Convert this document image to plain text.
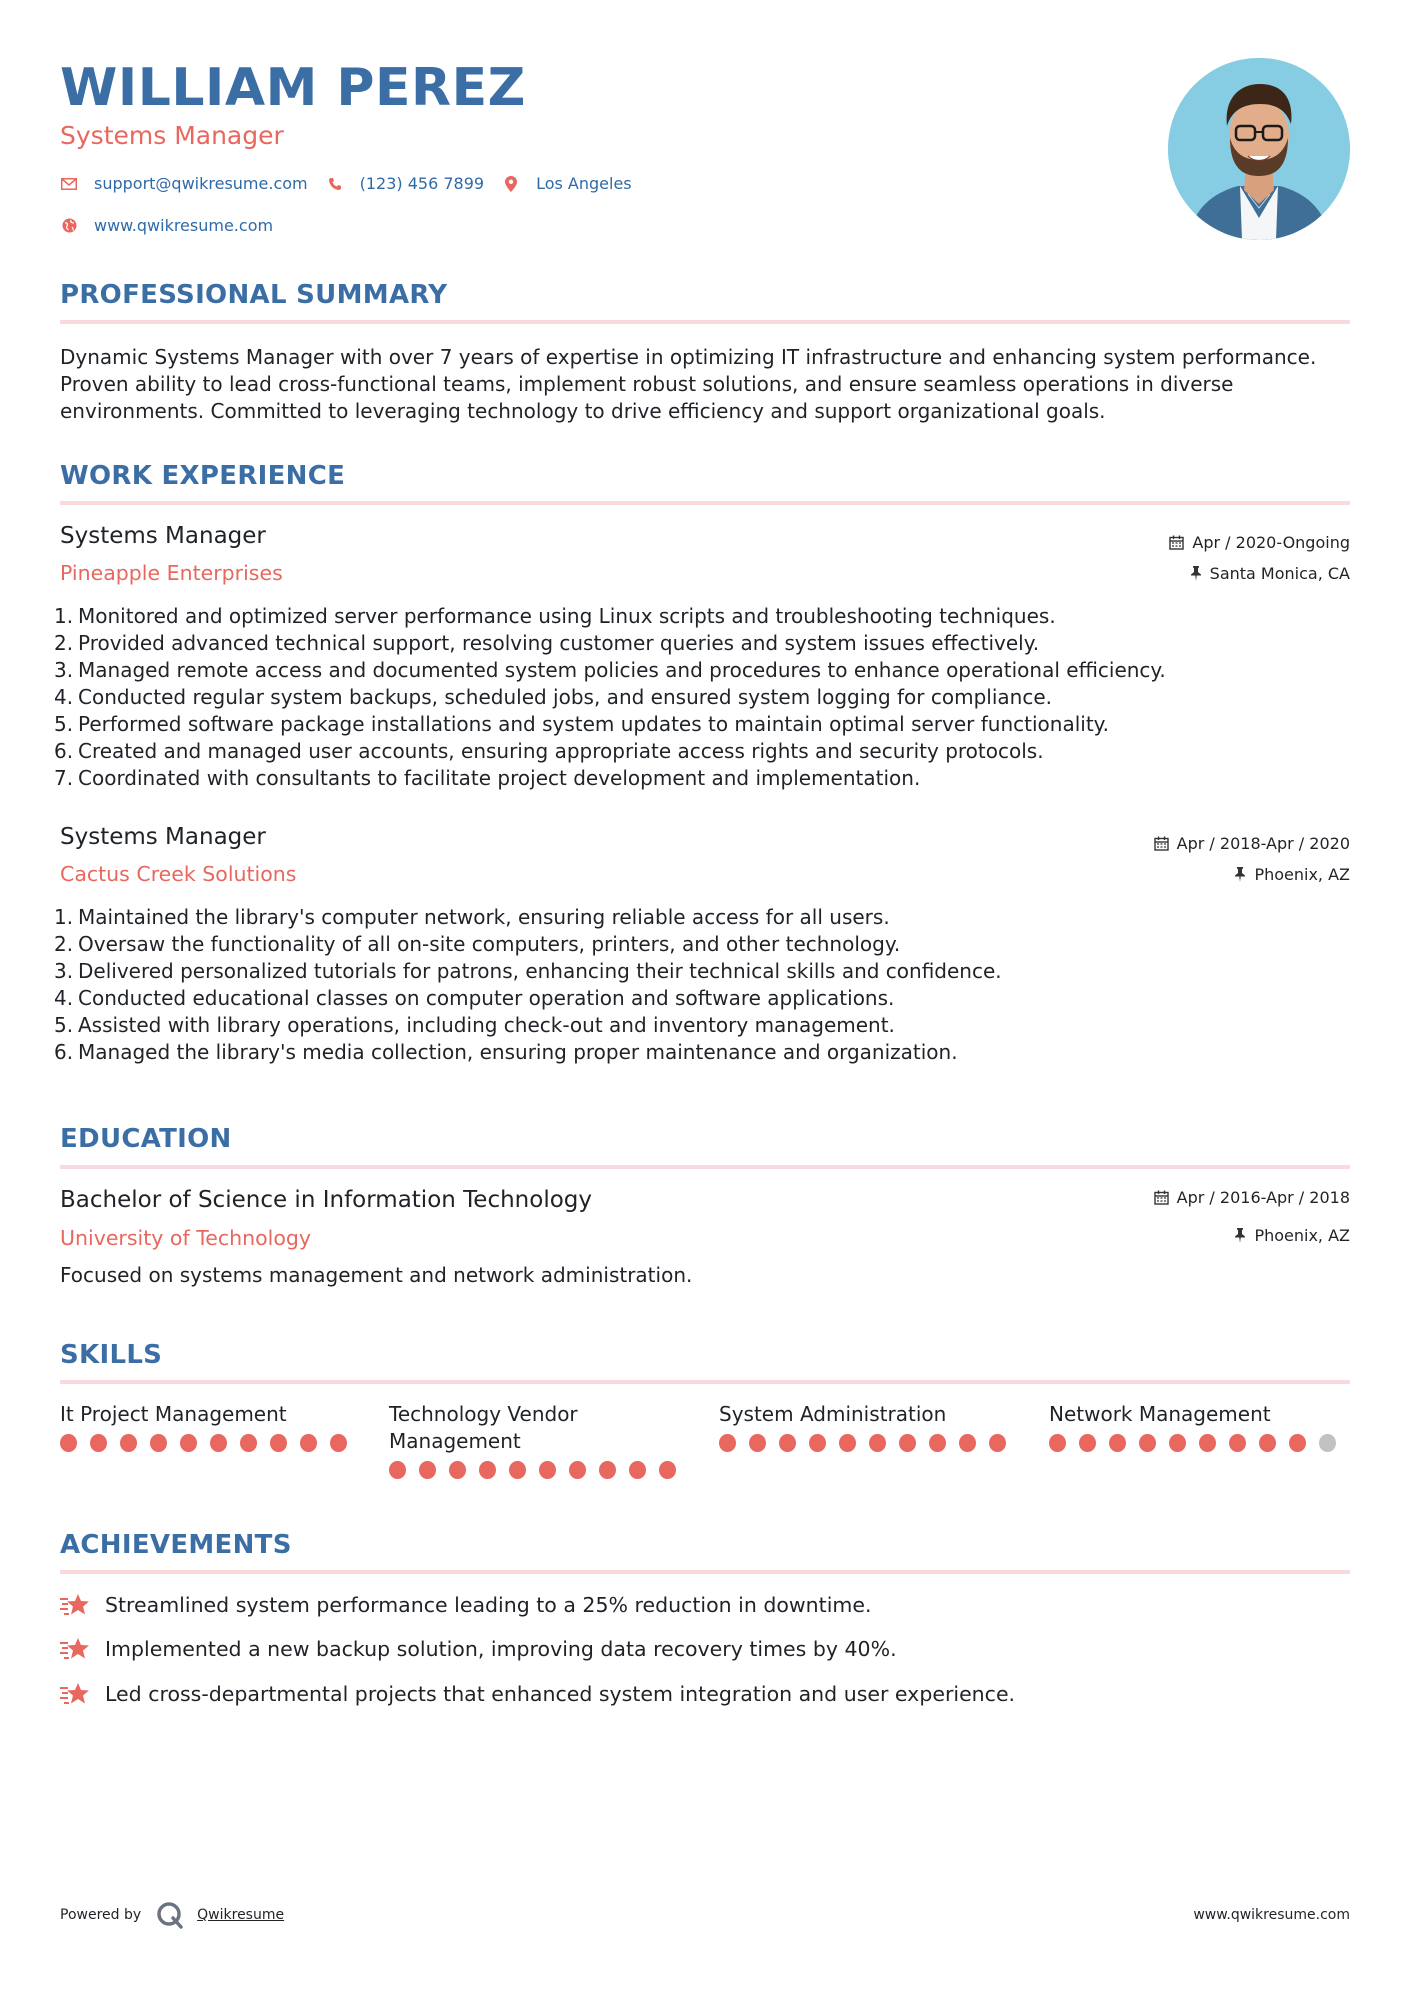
WILLIAM PEREZ
Systems Manager
support@qwikresume.com	(123) 456 7899	Los Angeles
www.qwikresume.com
PROFESSIONAL SUMMARY
Dynamic Systems Manager with over 7 years of expertise in optimizing IT infrastructure and enhancing system performance. Proven ability to lead cross-functional teams, implement robust solutions, and ensure seamless operations in diverse environments. Committed to leveraging technology to drive efficiency and support organizational goals.
WORK EXPERIENCE
Systems Manager
Pineapple Enterprises
Apr / 2020-Ongoing
Santa Monica, CA
Monitored and optimized server performance using Linux scripts and troubleshooting techniques.
Provided advanced technical support, resolving customer queries and system issues effectively.
Managed remote access and documented system policies and procedures to enhance operational efficiency.
Conducted regular system backups, scheduled jobs, and ensured system logging for compliance.
Performed software package installations and system updates to maintain optimal server functionality.
Created and managed user accounts, ensuring appropriate access rights and security protocols.
Coordinated with consultants to facilitate project development and implementation.
Systems Manager
Cactus Creek Solutions
Apr / 2018-Apr / 2020
Phoenix, AZ
Maintained the library's computer network, ensuring reliable access for all users.
Oversaw the functionality of all on-site computers, printers, and other technology.
Delivered personalized tutorials for patrons, enhancing their technical skills and confidence.
Conducted educational classes on computer operation and software applications.
Assisted with library operations, including check-out and inventory management.
Managed the library's media collection, ensuring proper maintenance and organization.
EDUCATION
Bachelor of Science in Information Technology
University of Technology
Apr / 2016-Apr / 2018
Phoenix, AZ
Focused on systems management and network administration.
SKILLS
It Project Management	Technology Vendor Management
System Administration	Network Management
ACHIEVEMENTS
Streamlined system performance leading to a 25% reduction in downtime.
Implemented a new backup solution, improving data recovery times by 40%.
Led cross-departmental projects that enhanced system integration and user experience.
Powered by	Qwikresume	www.qwikresume.com
